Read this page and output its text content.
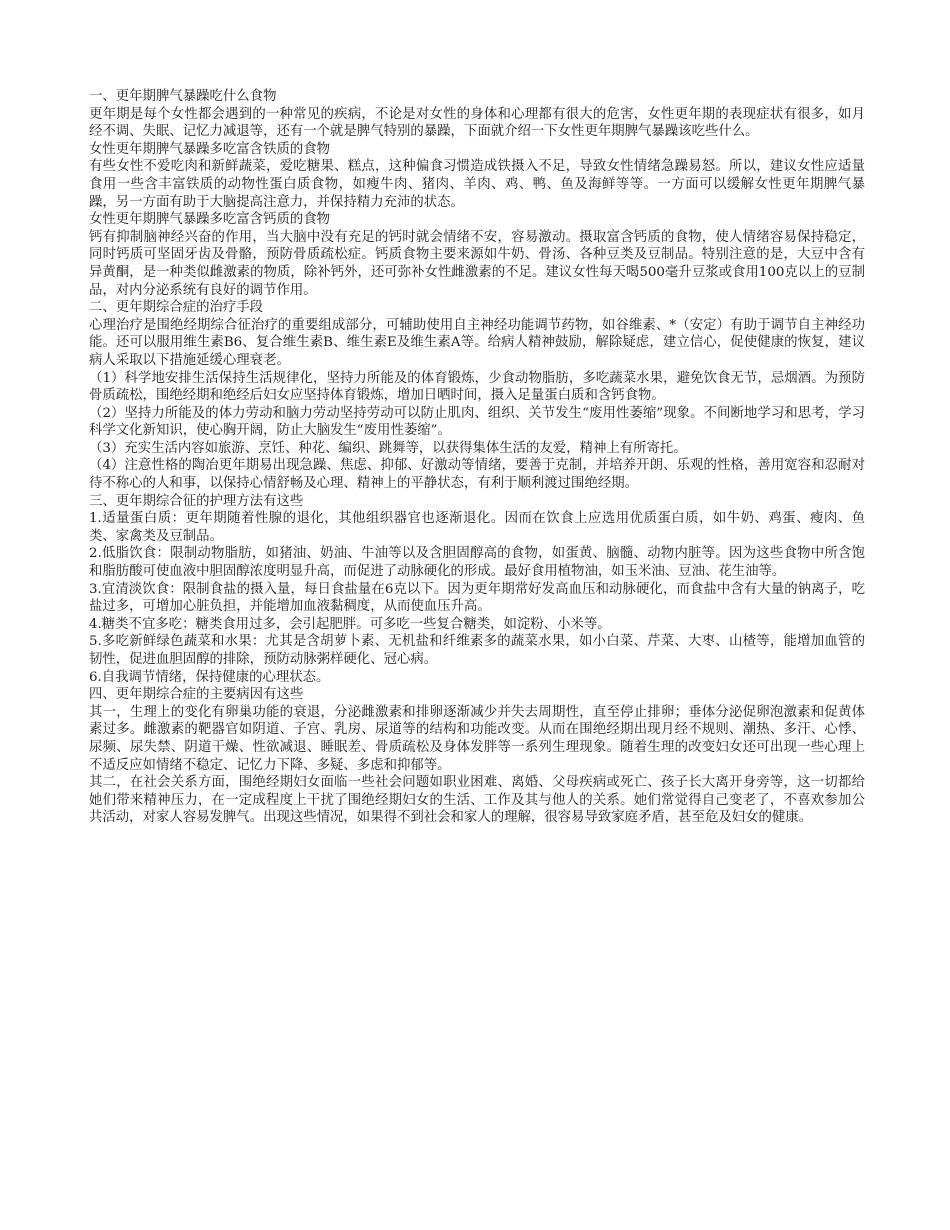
一、更年期脾气暴躁吃什么食物

更年期是每个女性都会遇到的一种常见的疾病，不论是对女性的身体和心理都有很大的危害，女性更年期的表现症状有很多，如月经不调、失眠、记忆力减退等，还有一个就是脾气特别的暴躁，下面就介绍一下女性更年期脾气暴躁该吃些什么。

女性更年期脾气暴躁多吃富含铁质的食物

有些女性不爱吃肉和新鲜蔬菜，爱吃糖果、糕点，这种偏食习惯造成铁摄入不足，导致女性情绪急躁易怒。所以，建议女性应适量食用一些含丰富铁质的动物性蛋白质食物，如瘦牛肉、猪肉、羊肉、鸡、鸭、鱼及海鲜等等。一方面可以缓解女性更年期脾气暴躁，另一方面有助于大脑提高注意力，并保持精力充沛的状态。

女性更年期脾气暴躁多吃富含钙质的食物

钙有抑制脑神经兴奋的作用，当大脑中没有充足的钙时就会情绪不安，容易激动。摄取富含钙质的食物，使人情绪容易保持稳定，同时钙质可坚固牙齿及骨骼，预防骨质疏松症。钙质食物主要来源如牛奶、骨汤、各种豆类及豆制品。特别注意的是，大豆中含有异黄酮，是一种类似雌激素的物质，除补钙外，还可弥补女性雌激素的不足。建议女性每天喝500毫升豆浆或食用100克以上的豆制品，对内分泌系统有良好的调节作用。

二、更年期综合症的治疗手段

心理治疗是围绝经期综合征治疗的重要组成部分，可辅助使用自主神经功能调节药物，如谷维素、*（安定）有助于调节自主神经功能。还可以服用维生素B6、复合维生素B、维生素E及维生素A等。给病人精神鼓励，解除疑虑，建立信心，促使健康的恢复，建议病人采取以下措施延缓心理衰老。

（1）科学地安排生活保持生活规律化，坚持力所能及的体育锻炼，少食动物脂肪，多吃蔬菜水果，避免饮食无节，忌烟酒。为预防骨质疏松，围绝经期和绝经后妇女应坚持体育锻炼，增加日晒时间，摄入足量蛋白质和含钙食物。

（2）坚持力所能及的体力劳动和脑力劳动坚持劳动可以防止肌肉、组织、关节发生“废用性萎缩”现象。不间断地学习和思考，学习科学文化新知识，使心胸开阔，防止大脑发生“废用性萎缩”。

（3）充实生活内容如旅游、烹饪、种花、编织、跳舞等，以获得集体生活的友爱，精神上有所寄托。

（4）注意性格的陶冶更年期易出现急躁、焦虑、抑郁、好激动等情绪，要善于克制，并培养开朗、乐观的性格，善用宽容和忍耐对待不称心的人和事，以保持心情舒畅及心理、精神上的平静状态，有利于顺利渡过围绝经期。

三、更年期综合征的护理方法有这些

1.适量蛋白质：更年期随着性腺的退化，其他组织器官也逐渐退化。因而在饮食上应选用优质蛋白质，如牛奶、鸡蛋、瘦肉、鱼类、家禽类及豆制品。

2.低脂饮食：限制动物脂肪，如猪油、奶油、牛油等以及含胆固醇高的食物，如蛋黄、脑髓、动物内脏等。因为这些食物中所含饱和脂肪酸可使血液中胆固醇浓度明显升高，而促进了动脉硬化的形成。最好食用植物油，如玉米油、豆油、花生油等。

3.宜清淡饮食：限制食盐的摄入量，每日食盐量在6克以下。因为更年期常好发高血压和动脉硬化，而食盐中含有大量的钠离子，吃盐过多，可增加心脏负担，并能增加血液黏稠度，从而使血压升高。

4.糖类不宜多吃：糖类食用过多，会引起肥胖。可多吃一些复合糖类，如淀粉、小米等。

5.多吃新鲜绿色蔬菜和水果：尤其是含胡萝卜素、无机盐和纤维素多的蔬菜水果，如小白菜、芹菜、大枣、山楂等，能增加血管的韧性，促进血胆固醇的排除，预防动脉粥样硬化、冠心病。

6.自我调节情绪，保持健康的心理状态。

四、更年期综合症的主要病因有这些

其一，生理上的变化有卵巢功能的衰退，分泌雌激素和排卵逐渐减少并失去周期性，直至停止排卵；垂体分泌促卵泡激素和促黄体素过多。雌激素的靶器官如阴道、子宫、乳房、尿道等的结构和功能改变。从而在围绝经期出现月经不规则、潮热、多汗、心悸、尿频、尿失禁、阴道干燥、性欲减退、睡眠差、骨质疏松及身体发胖等一系列生理现象。随着生理的改变妇女还可出现一些心理上不适反应如情绪不稳定、记忆力下降、多疑、多虑和抑郁等。

其二，在社会关系方面，围绝经期妇女面临一些社会问题如职业困难、离婚、父母疾病或死亡、孩子长大离开身旁等，这一切都给她们带来精神压力，在一定成程度上干扰了围绝经期妇女的生活、工作及其与他人的关系。她们常觉得自己变老了，不喜欢参加公共活动，对家人容易发脾气。出现这些情况，如果得不到社会和家人的理解，很容易导致家庭矛盾，甚至危及妇女的健康。
